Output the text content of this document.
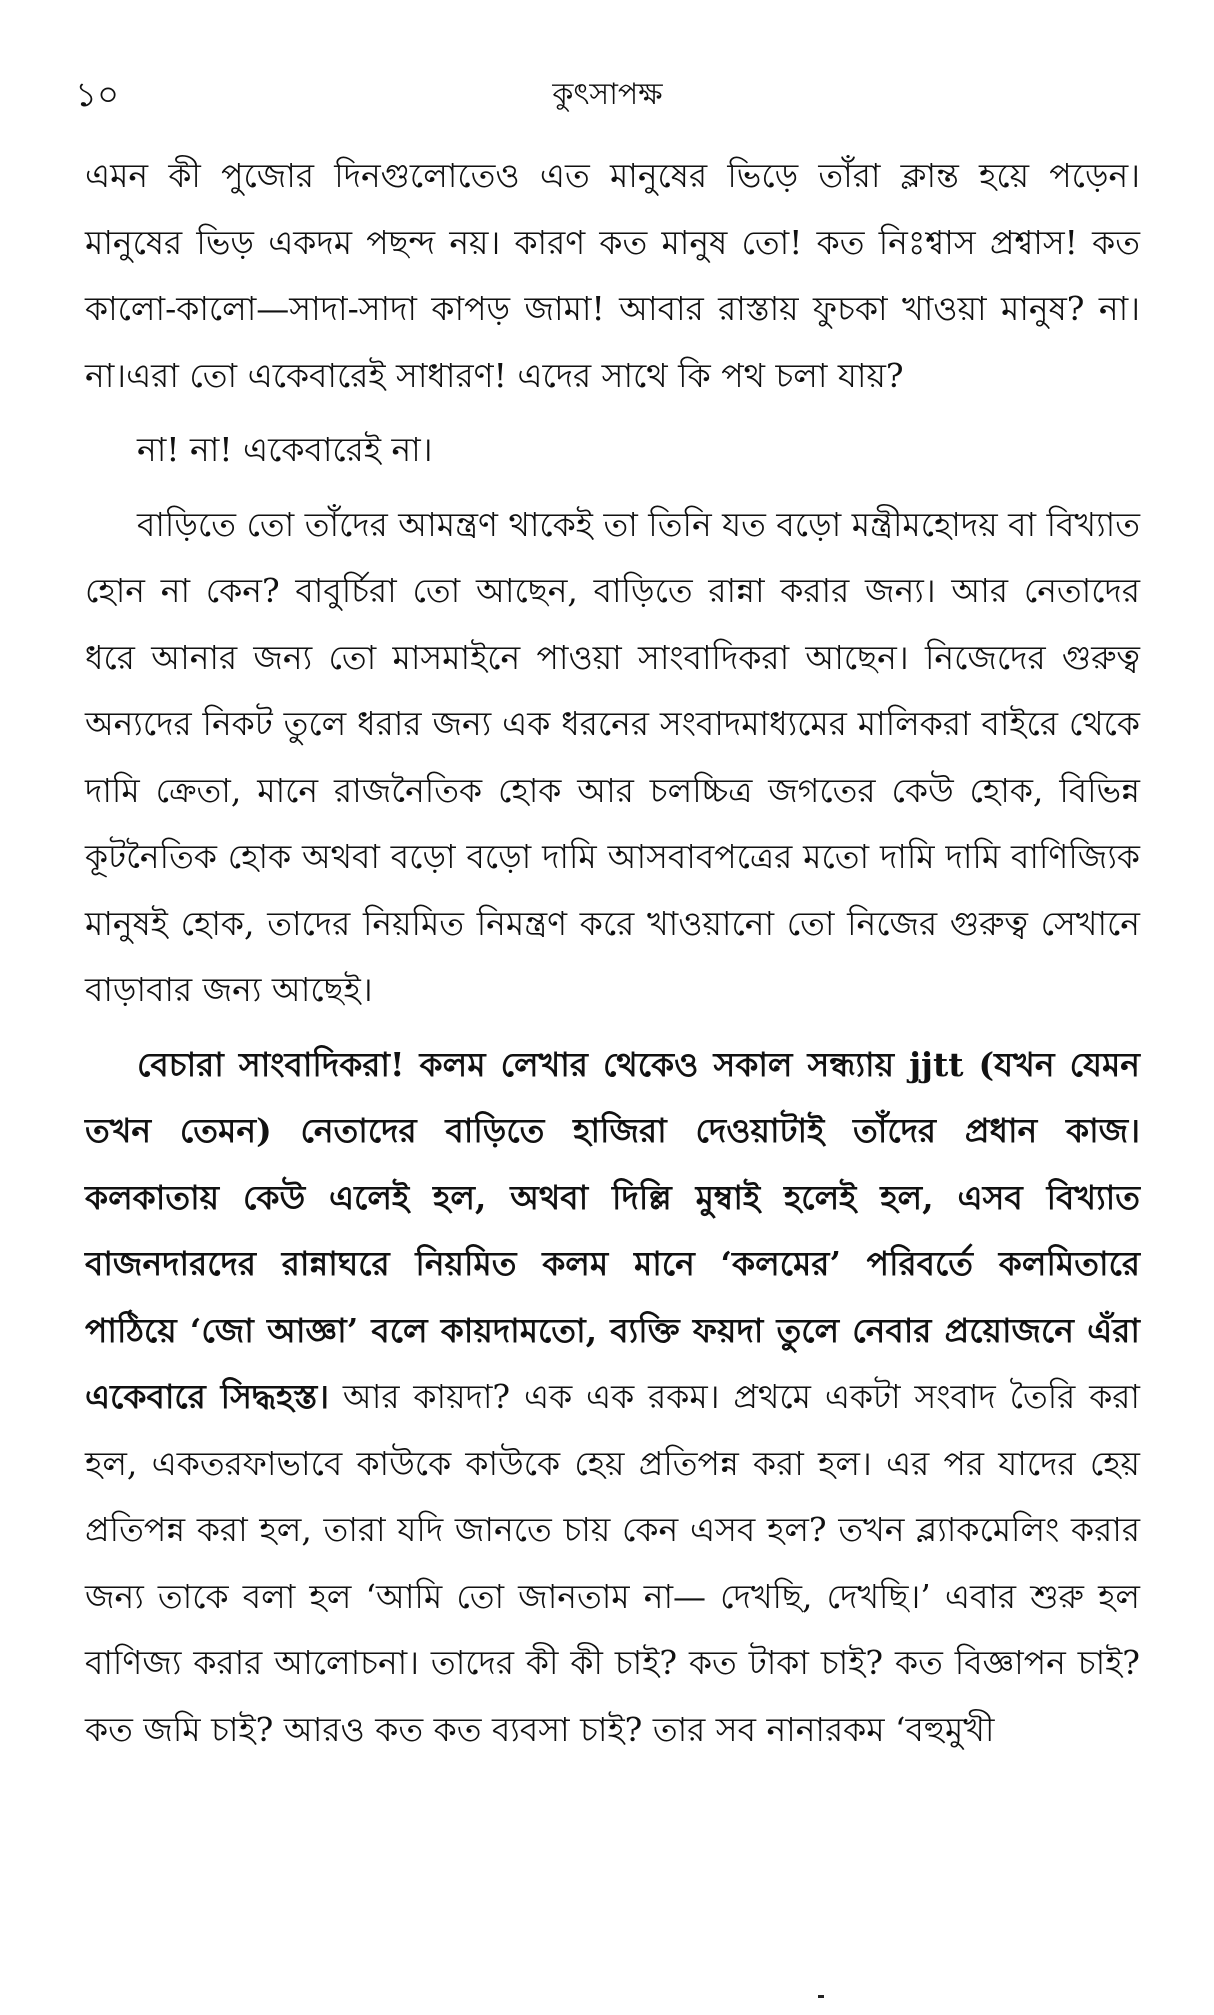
১০	কুৎসাপক্ষ

এমন কী পুজোর দিনগুলোতেও এত মানুষের ভিড়ে তাঁরা ক্লান্ত হয়ে পড়েন। মানুষের ভিড় একদম পছন্দ নয়। কারণ কত মানুষ তো! কত নিঃশ্বাস প্রশ্বাস! কত কালো-কালো—সাদা-সাদা কাপড় জামা! আবার রাস্তায় ফুচকা খাওয়া মানুষ? না।না।এরা তো একেবারেই সাধারণ! এদের সাথে কি পথ চলা যায়?

না! না! একেবারেই না।

বাড়িতে তো তাঁদের আমন্ত্রণ থাকেই তা তিনি যত বড়ো মন্ত্রীমহোদয় বা বিখ্যাত হোন না কেন? বাবুর্চিরা তো আছেন, বাড়িতে রান্না করার জন্য। আর নেতাদের ধরে আনার জন্য তো মাসমাইনে পাওয়া সাংবাদিকরা আছেন। নিজেদের গুরুত্ব অন্যদের নিকট তুলে ধরার জন্য এক ধরনের সংবাদমাধ্যমের মালিকরা বাইরে থেকে দামি ক্রেতা, মানে রাজনৈতিক হোক আর চলচ্চিত্র জগতের কেউ হোক, বিভিন্ন কূটনৈতিক হোক অথবা বড়ো বড়ো দামি আসবাবপত্রের মতো দামি দামি বাণিজ্যিক মানুষই হোক, তাদের নিয়মিত নিমন্ত্রণ করে খাওয়ানো তো নিজের গুরুত্ব সেখানে বাড়াবার জন্য আছেই।

বেচারা সাংবাদিকরা! কলম লেখার থেকেও সকাল সন্ধ্যায় jjtt (যখন যেমন তখন তেমন) নেতাদের বাড়িতে হাজিরা দেওয়াটাই তাঁদের প্রধান কাজ। কলকাতায় কেউ এলেই হল, অথবা দিল্লি মুম্বাই হলেই হল, এসব বিখ্যাত বাজনদারদের রান্নাঘরে নিয়মিত কলম মানে ‘কলমের’ পরিবর্তে কলমিতারে পাঠিয়ে ‘জো আজ্ঞা’ বলে কায়দামতো, ব্যক্তি ফয়দা তুলে নেবার প্রয়োজনে এঁরা একেবারে সিদ্ধহস্ত। আর কায়দা? এক এক রকম। প্রথমে একটা সংবাদ তৈরি করা হল, একতরফাভাবে কাউকে কাউকে হেয় প্রতিপন্ন করা হল। এর পর যাদের হেয় প্রতিপন্ন করা হল, তারা যদি জানতে চায় কেন এসব হল? তখন ব্ল্যাকমেলিং করার জন্য তাকে বলা হল ‘আমি তো জানতাম না— দেখছি, দেখছি।’ এবার শুরু হল বাণিজ্য করার আলোচনা। তাদের কী কী চাই? কত টাকা চাই? কত বিজ্ঞাপন চাই? কত জমি চাই? আরও কত কত ব্যবসা চাই? তার সব নানারকম ‘বহুমুখী
